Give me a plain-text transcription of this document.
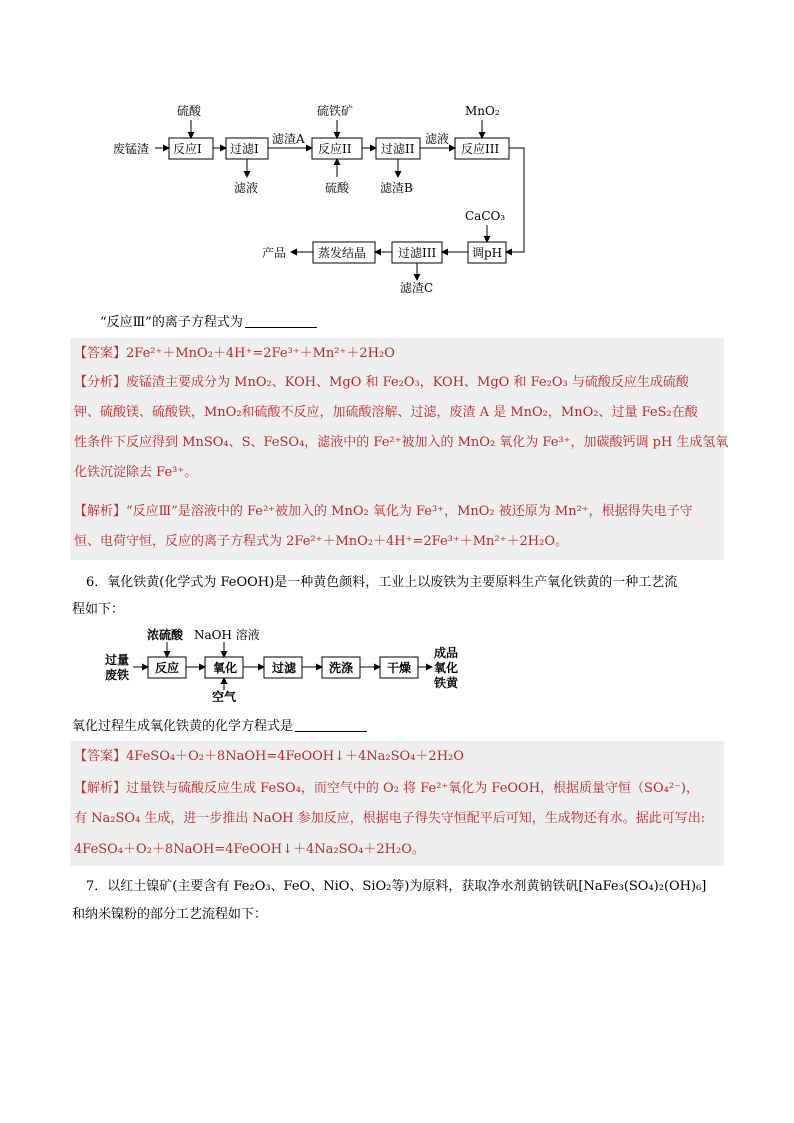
废锰渣
硫酸
滤液
滤渣A
硫铁矿
硫酸	滤渣B
滤液
MnO₂
CaCO₃
滤渣C
产品
反应I 过滤I	反应II 过滤II	反应III
调pH
过滤III
蒸发结晶
“反应Ⅲ”的离子方程式为
【答案】2Fe²⁺＋MnO₂＋4H⁺=2Fe³⁺＋Mn²⁺＋2H₂O
【分析】废锰渣主要成分为 MnO₂、KOH、MgO 和 Fe₂O₃，KOH、MgO 和 Fe₂O₃ 与硫酸反应生成硫酸
钾、硫酸镁、硫酸铁，MnO₂和硫酸不反应，加硫酸溶解、过滤，废渣 A 是 MnO₂，MnO₂、过量 FeS₂在酸
性条件下反应得到 MnSO₄、S、FeSO₄，滤液中的 Fe²⁺被加入的 MnO₂ 氧化为 Fe³⁺，加碳酸钙调 pH 生成氢氧
化铁沉淀除去 Fe³⁺。
【解析】“反应Ⅲ”是溶液中的 Fe²⁺被加入的 MnO₂ 氧化为 Fe³⁺，MnO₂ 被还原为 Mn²⁺，根据得失电子守
恒、电荷守恒，反应的离子方程式为 2Fe²⁺＋MnO₂＋4H⁺=2Fe³⁺＋Mn²⁺＋2H₂O。
6．氧化铁黄(化学式为 FeOOH)是一种黄色颜料，工业上以废铁为主要原料生产氧化铁黄的一种工艺流
程如下：
浓硫酸 NaOH 溶液
过量
废铁 反应	氧化	过滤	洗涤	干燥
空气
成品
氧化
铁黄
氧化过程生成氧化铁黄的化学方程式是
【答案】4FeSO₄＋O₂＋8NaOH=4FeOOH↓＋4Na₂SO₄＋2H₂O
【解析】过量铁与硫酸反应生成 FeSO₄，而空气中的 O₂ 将 Fe²⁺氧化为 FeOOH，根据质量守恒（SO₄²⁻)，
有 Na₂SO₄ 生成，进一步推出 NaOH 参加反应，根据电子得失守恒配平后可知，生成物还有水。据此可写出:
4FeSO₄＋O₂＋8NaOH=4FeOOH↓＋4Na₂SO₄＋2H₂O。
7．以红土镍矿(主要含有 Fe₂O₃、FeO、NiO、SiO₂等)为原料，获取净水剂黄钠铁矾[NaFe₃(SO₄)₂(OH)₆]
和纳米镍粉的部分工艺流程如下：
